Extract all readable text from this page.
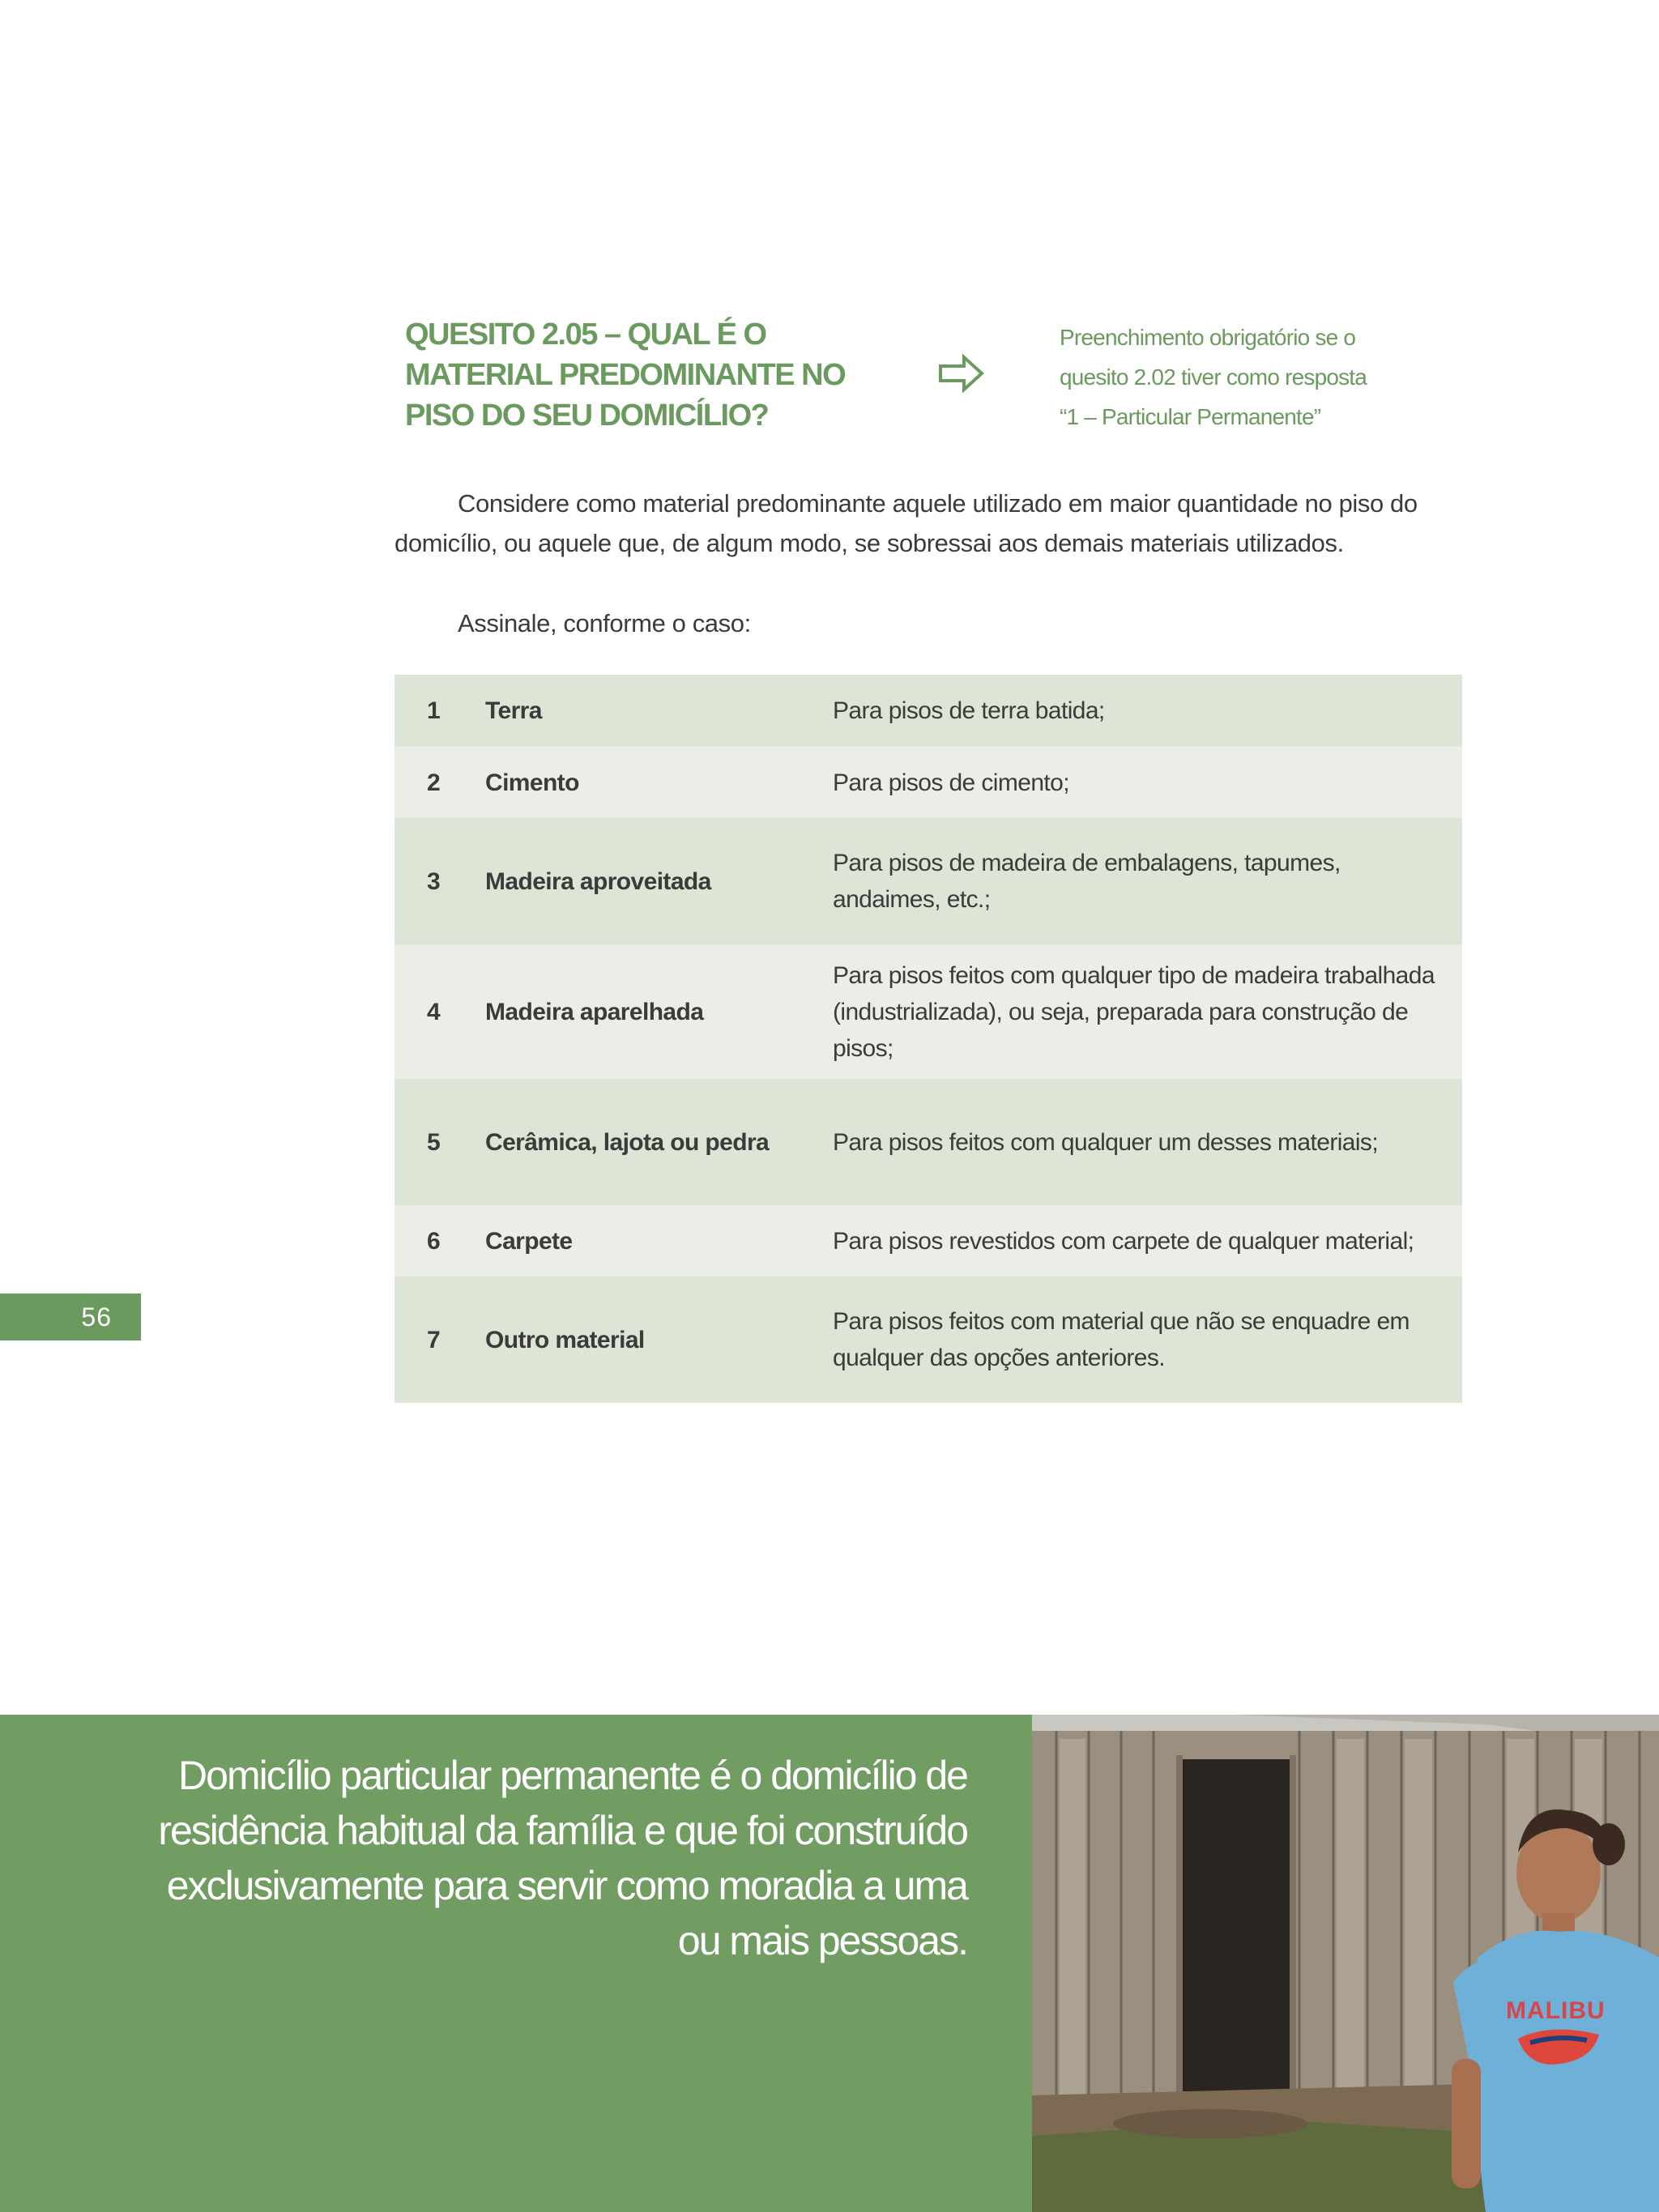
QUESITO 2.05 – QUAL É O MATERIAL PREDOMINANTE NO PISO DO SEU DOMICÍLIO?
Preenchimento obrigatório se o
quesito 2.02 tiver como resposta
“1 – Particular Permanente”

Considere como material predominante aquele utilizado em maior quantidade no piso do domicílio, ou aquele que, de algum modo, se sobressai aos demais materiais utilizados.

Assinale, conforme o caso:

1	Terra	Para pisos de terra batida;
2	Cimento	Para pisos de cimento;
3	Madeira aproveitada	Para pisos de madeira de embalagens, tapumes, andaimes, etc.;
4	Madeira aparelhada	Para pisos feitos com qualquer tipo de madeira trabalhada (industrializada), ou seja, preparada para construção de pisos;
5	Cerâmica, lajota ou pedra	Para pisos feitos com qualquer um desses materiais;
6	Carpete	Para pisos revestidos com carpete de qualquer material;
7	Outro material	Para pisos feitos com material que não se enquadre em qualquer das opções anteriores.
56

Domicílio particular permanente é o domicílio de residência habitual da família e que foi construído exclusivamente para servir como moradia a uma ou mais pessoas.

MALIBU
